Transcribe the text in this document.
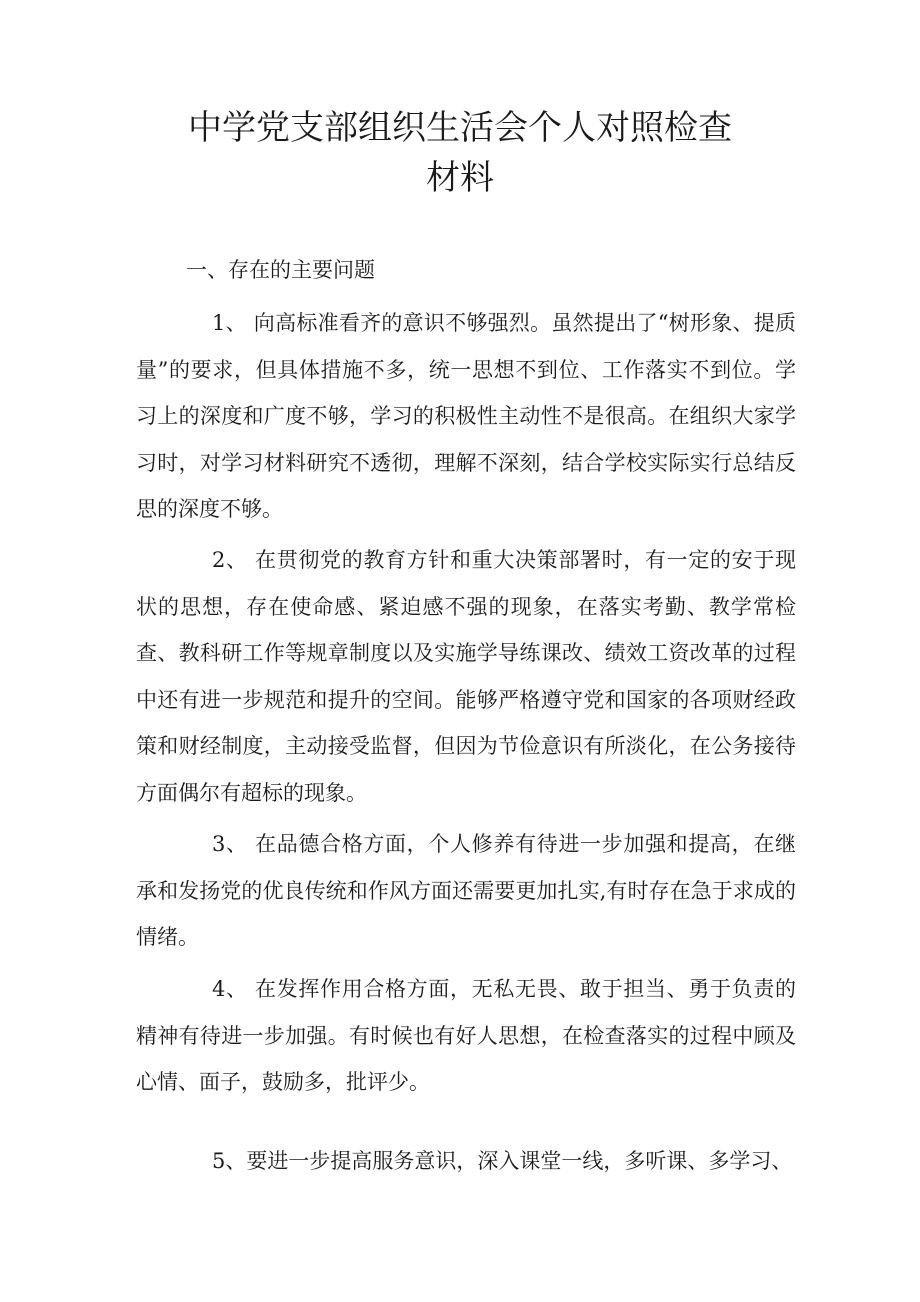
中学党支部组织生活会个人对照检查
材料
一、存在的主要问题

1、 向高标准看齐的意识不够强烈。虽然提出了“树形象、提质量”的要求，但具体措施不多，统一思想不到位、工作落实不到位。学习上的深度和广度不够，学习的积极性主动性不是很高。在组织大家学习时，对学习材料研究不透彻，理解不深刻，结合学校实际实行总结反思的深度不够。

2、 在贯彻党的教育方针和重大决策部署时，有一定的安于现状的思想，存在使命感、紧迫感不强的现象，在落实考勤、教学常检查、教科研工作等规章制度以及实施学导练课改、绩效工资改革的过程中还有进一步规范和提升的空间。能够严格遵守党和国家的各项财经政策和财经制度，主动接受监督，但因为节俭意识有所淡化，在公务接待方面偶尔有超标的现象。

3、 在品德合格方面，个人修养有待进一步加强和提高，在继承和发扬党的优良传统和作风方面还需要更加扎实,有时存在急于求成的情绪。

4、 在发挥作用合格方面，无私无畏、敢于担当、勇于负责的精神有待进一步加强。有时候也有好人思想，在检查落实的过程中顾及心情、面子，鼓励多，批评少。

5、要进一步提高服务意识，深入课堂一线，多听课、多学习、
